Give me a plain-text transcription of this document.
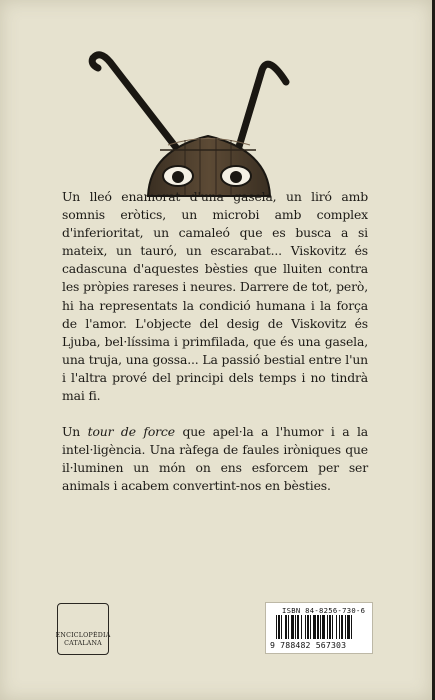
Un lleó enamorat d'una gasela, un liró amb somnis eròtics, un microbi amb complex d'inferioritat, un camaleó que es busca a si mateix, un tauró, un escarabat... Viskovitz és cadascuna d'aquestes bèsties que lluiten contra les pròpies rareses i neures. Darrere de tot, però, hi ha representats la condició humana i la força de l'amor. L'objecte del desig de Viskovitz és Ljuba, bel·líssima i primfilada, que és una gasela, una truja, una gossa... La passió bestial entre l'un i l'altra prové del principi dels temps i no tindrà mai fi.

Un tour de force que apel·la a l'humor i a la intel·ligència. Una ràfega de faules iròniques que il·luminen un món on ens esforcem per ser animals i acabem convertint-nos en bèsties.

ENCICLOPÈDIA
CATALANA
ISBN 84-8256-730-6
9 788482 567303
